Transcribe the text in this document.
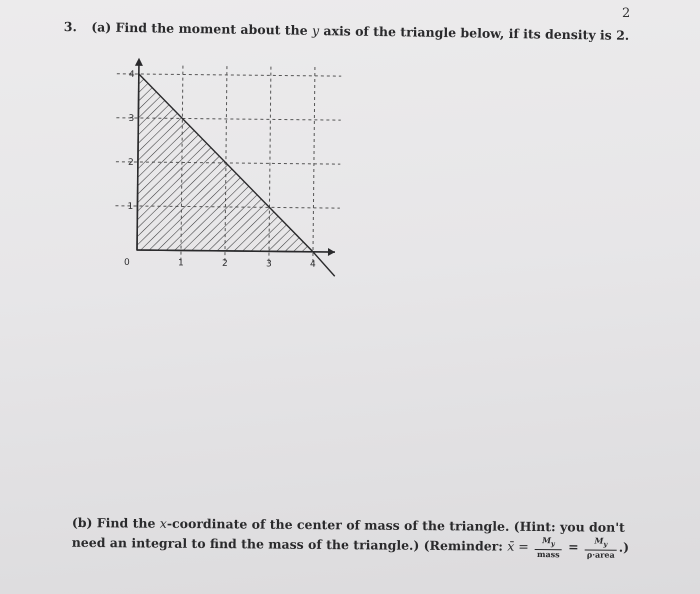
2
3. (a) Find the moment about the y axis of the triangle below, if its density is 2.
0	1	2	3	4
1
2
3
4
(b) Find the x-coordinate of the center of mass of the triangle. (Hint: you don't need an integral to find the mass of the triangle.) (Reminder: x̄ = $\frac{M_y}{\text{mass}} = \frac{M_y}{\text{ρ·area}}$ .)
